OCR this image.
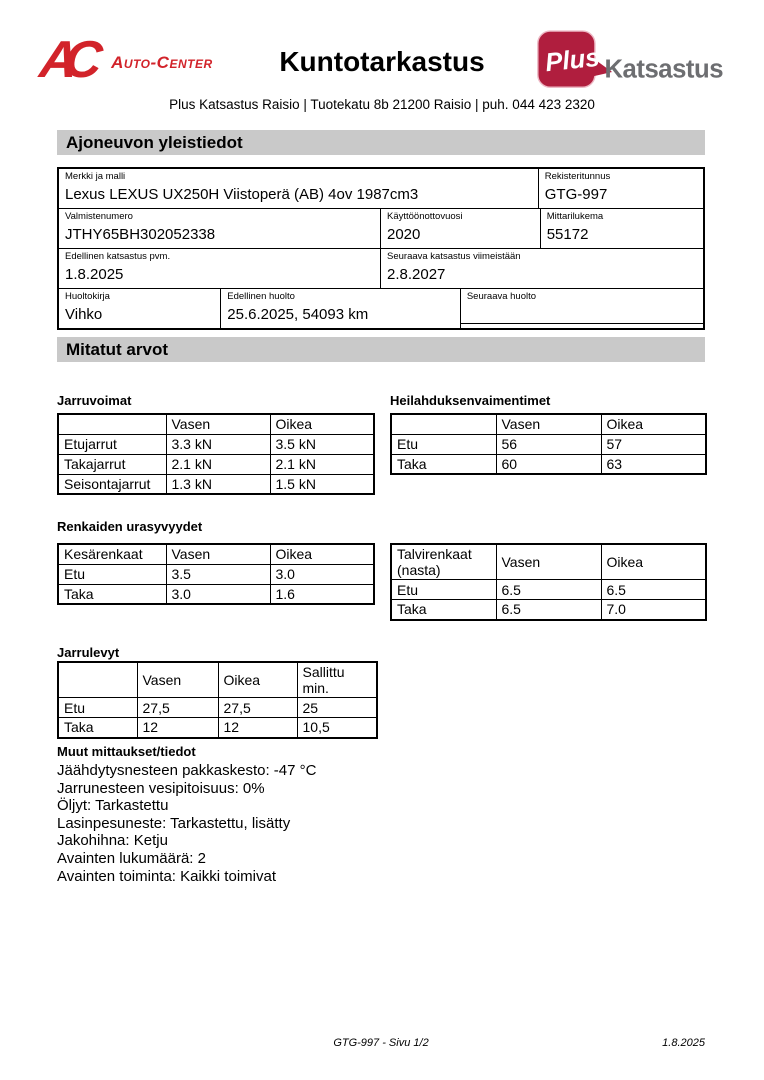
AC	Auto-Center	Kuntotarkastus	Plus Katsastus
Plus Katsastus Raisio | Tuotekatu 8b 21200 Raisio | puh. 044 423 2320
Ajoneuvon yleistiedot
Merkki ja malli
Lexus LEXUS UX250H Viistoperä (AB) 4ov 1987cm3
Rekisteritunnus
GTG-997
Valmistenumero
JTHY65BH302052338
Käyttöönottovuosi
2020
Mittarilukema
55172
Edellinen katsastus pvm.
1.8.2025
Seuraava katsastus viimeistään
2.8.2027
Huoltokirja
Vihko
Edellinen huolto
25.6.2025, 54093 km
Seuraava huolto
Mitatut arvot
Jarruvoimat	Heilahduksenvaimentimet
	Vasen	Oikea
Etujarrut	3.3 kN	3.5 kN
Takajarrut	2.1 kN	2.1 kN
Seisontajarrut	1.3 kN	1.5 kN
	Vasen	Oikea
Etu	56	57
Taka	60	63
Renkaiden urasyvyydet
Kesärenkaat	Vasen	Oikea
Etu	3.5	3.0
Taka	3.0	1.6
Talvirenkaat (nasta)	Vasen	Oikea
Etu	6.5	6.5
Taka	6.5	7.0
Jarrulevyt
	Vasen	Oikea	Sallittu min.
Etu	27,5	27,5	25
Taka	12	12	10,5
Muut mittaukset/tiedot
Jäähdytysnesteen pakkaskesto: -47 °C
Jarrunesteen vesipitoisuus: 0%
Öljyt: Tarkastettu
Lasinpesuneste: Tarkastettu, lisätty
Jakohihna: Ketju
Avainten lukumäärä: 2
Avainten toiminta: Kaikki toimivat
GTG-997 - Sivu 1/2	1.8.2025
